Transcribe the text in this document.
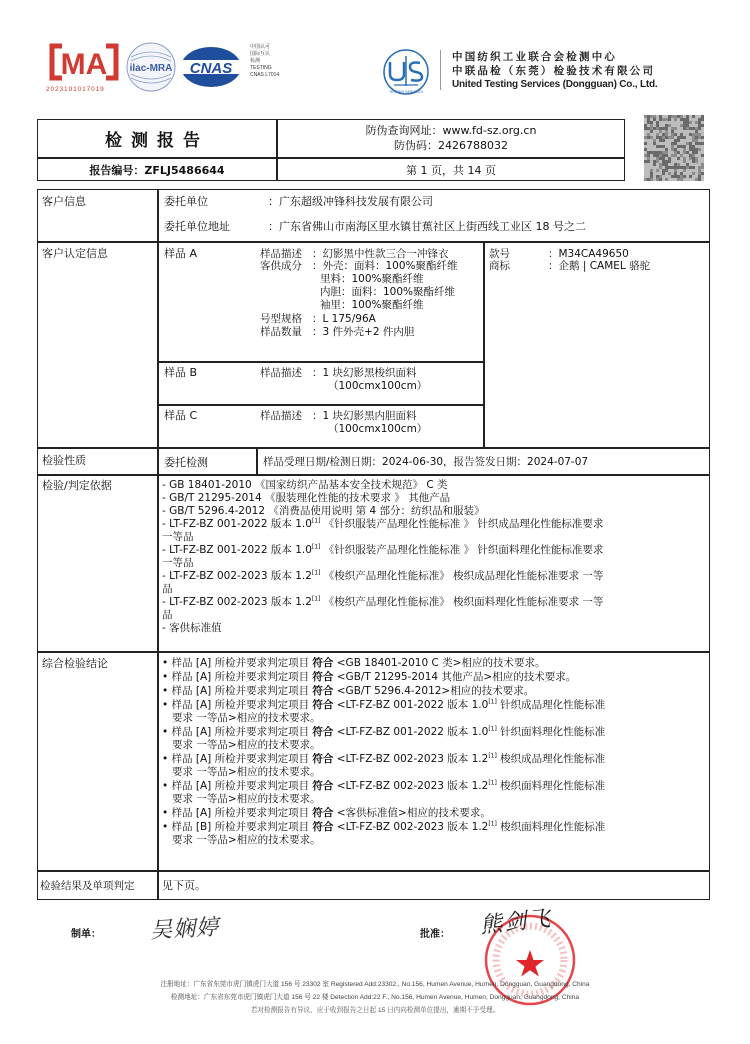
MA
2023191017019
ilac-MRA CNAS
中国认可
国际互认
检测
TESTING
CNAS L7014
TESTING SERVICES
UTS	中国纺织工业联合会检测中心
中联品检（东莞）检验技术有限公司
United Testing Services (Dongguan) Co., Ltd.
检测报告
防伪查询网址：www.fd-sz.org.cn
防伪码：2426788032
报告编号： ZFLJ5486644	第 1 页，共 14 页
客户信息	委托单位	：广东超级冲锋科技发展有限公司
委托单位地址	：广东省佛山市南海区里水镇甘蕉社区上街西线工业区 18 号之二
客户认定信息	样品 A	样品描述 ：幻影黑中性款三合一冲锋衣
客供成分 ：外壳：面料：100%聚酯纤维
里料：100%聚酯纤维
内胆：面料：100%聚酯纤维
袖里：100%聚酯纤维
号型规格 ：L 175/96A
样品数量 ：3 件外壳+2 件内胆
款号	：M34CA49650
商标	：企鹅 | CAMEL 骆驼
样品 B	样品描述 ：1 块幻影黑梭织面料
（100cmx100cm）
样品 C	样品描述 ：1 块幻影黑内胆面料
（100cmx100cm）
检验性质	委托检测	样品受理日期/检测日期：2024-06-30，报告签发日期：2024-07-07
检验/判定依据	- GB 18401-2010 《国家纺织产品基本安全技术规范》 C 类
- GB/T 21295-2014 《服装理化性能的技术要求 》 其他产品
- GB/T 5296.4-2012 《消费品使用说明 第 4 部分：纺织品和服装》
- LT-FZ-BZ 001-2022 版本 1.0[1] 《针织服装产品理化性能标准 》 针织成品理化性能标准要求
一等品
- LT-FZ-BZ 001-2022 版本 1.0[1] 《针织服装产品理化性能标准 》 针织面料理化性能标准要求
一等品
- LT-FZ-BZ 002-2023 版本 1.2[1] 《梭织产品理化性能标准》 梭织成品理化性能标准要求 一等
品
- LT-FZ-BZ 002-2023 版本 1.2[1] 《梭织产品理化性能标准》 梭织面料理化性能标准要求 一等
品
- 客供标准值
综合检验结论	• 样品 [A] 所检并要求判定项目 符合 <GB 18401-2010 C 类>相应的技术要求。
• 样品 [A] 所检并要求判定项目 符合 <GB/T 21295-2014 其他产品>相应的技术要求。
• 样品 [A] 所检并要求判定项目 符合 <GB/T 5296.4-2012>相应的技术要求。
• 样品 [A] 所检并要求判定项目 符合 <LT-FZ-BZ 001-2022 版本 1.0[1] 针织成品理化性能标准
要求 一等品>相应的技术要求。
• 样品 [A] 所检并要求判定项目 符合 <LT-FZ-BZ 001-2022 版本 1.0[1] 针织面料理化性能标准
要求 一等品>相应的技术要求。
• 样品 [A] 所检并要求判定项目 符合 <LT-FZ-BZ 002-2023 版本 1.2[1] 梭织成品理化性能标准
要求 一等品>相应的技术要求。
• 样品 [A] 所检并要求判定项目 符合 <LT-FZ-BZ 002-2023 版本 1.2[1] 梭织面料理化性能标准
要求 一等品>相应的技术要求。
• 样品 [A] 所检并要求判定项目 符合 <客供标准值>相应的技术要求。
• 样品 [B] 所检并要求判定项目 符合 <LT-FZ-BZ 002-2023 版本 1.2[1] 梭织面料理化性能标准
要求 一等品>相应的技术要求。
检验结果及单项判定	见下页。
制单： 吴娴婷	批准： 熊剑飞
注册地址：广东省东莞市虎门镇虎门大道 156 号 23302 室 Registered Add:23302., No.156, Humen Avenue, Humen, Dongguan, Guangdong, China
检测地址：广东省东莞市虎门镇虎门大道 156 号 22 楼 Detection Add:22 F., No.156, Humen Avenue, Humen, Dongguan, Guangdong, China
若对检测报告有异议，应于收到报告之日起 15 日内向检测单位提出，逾期不予受理。
